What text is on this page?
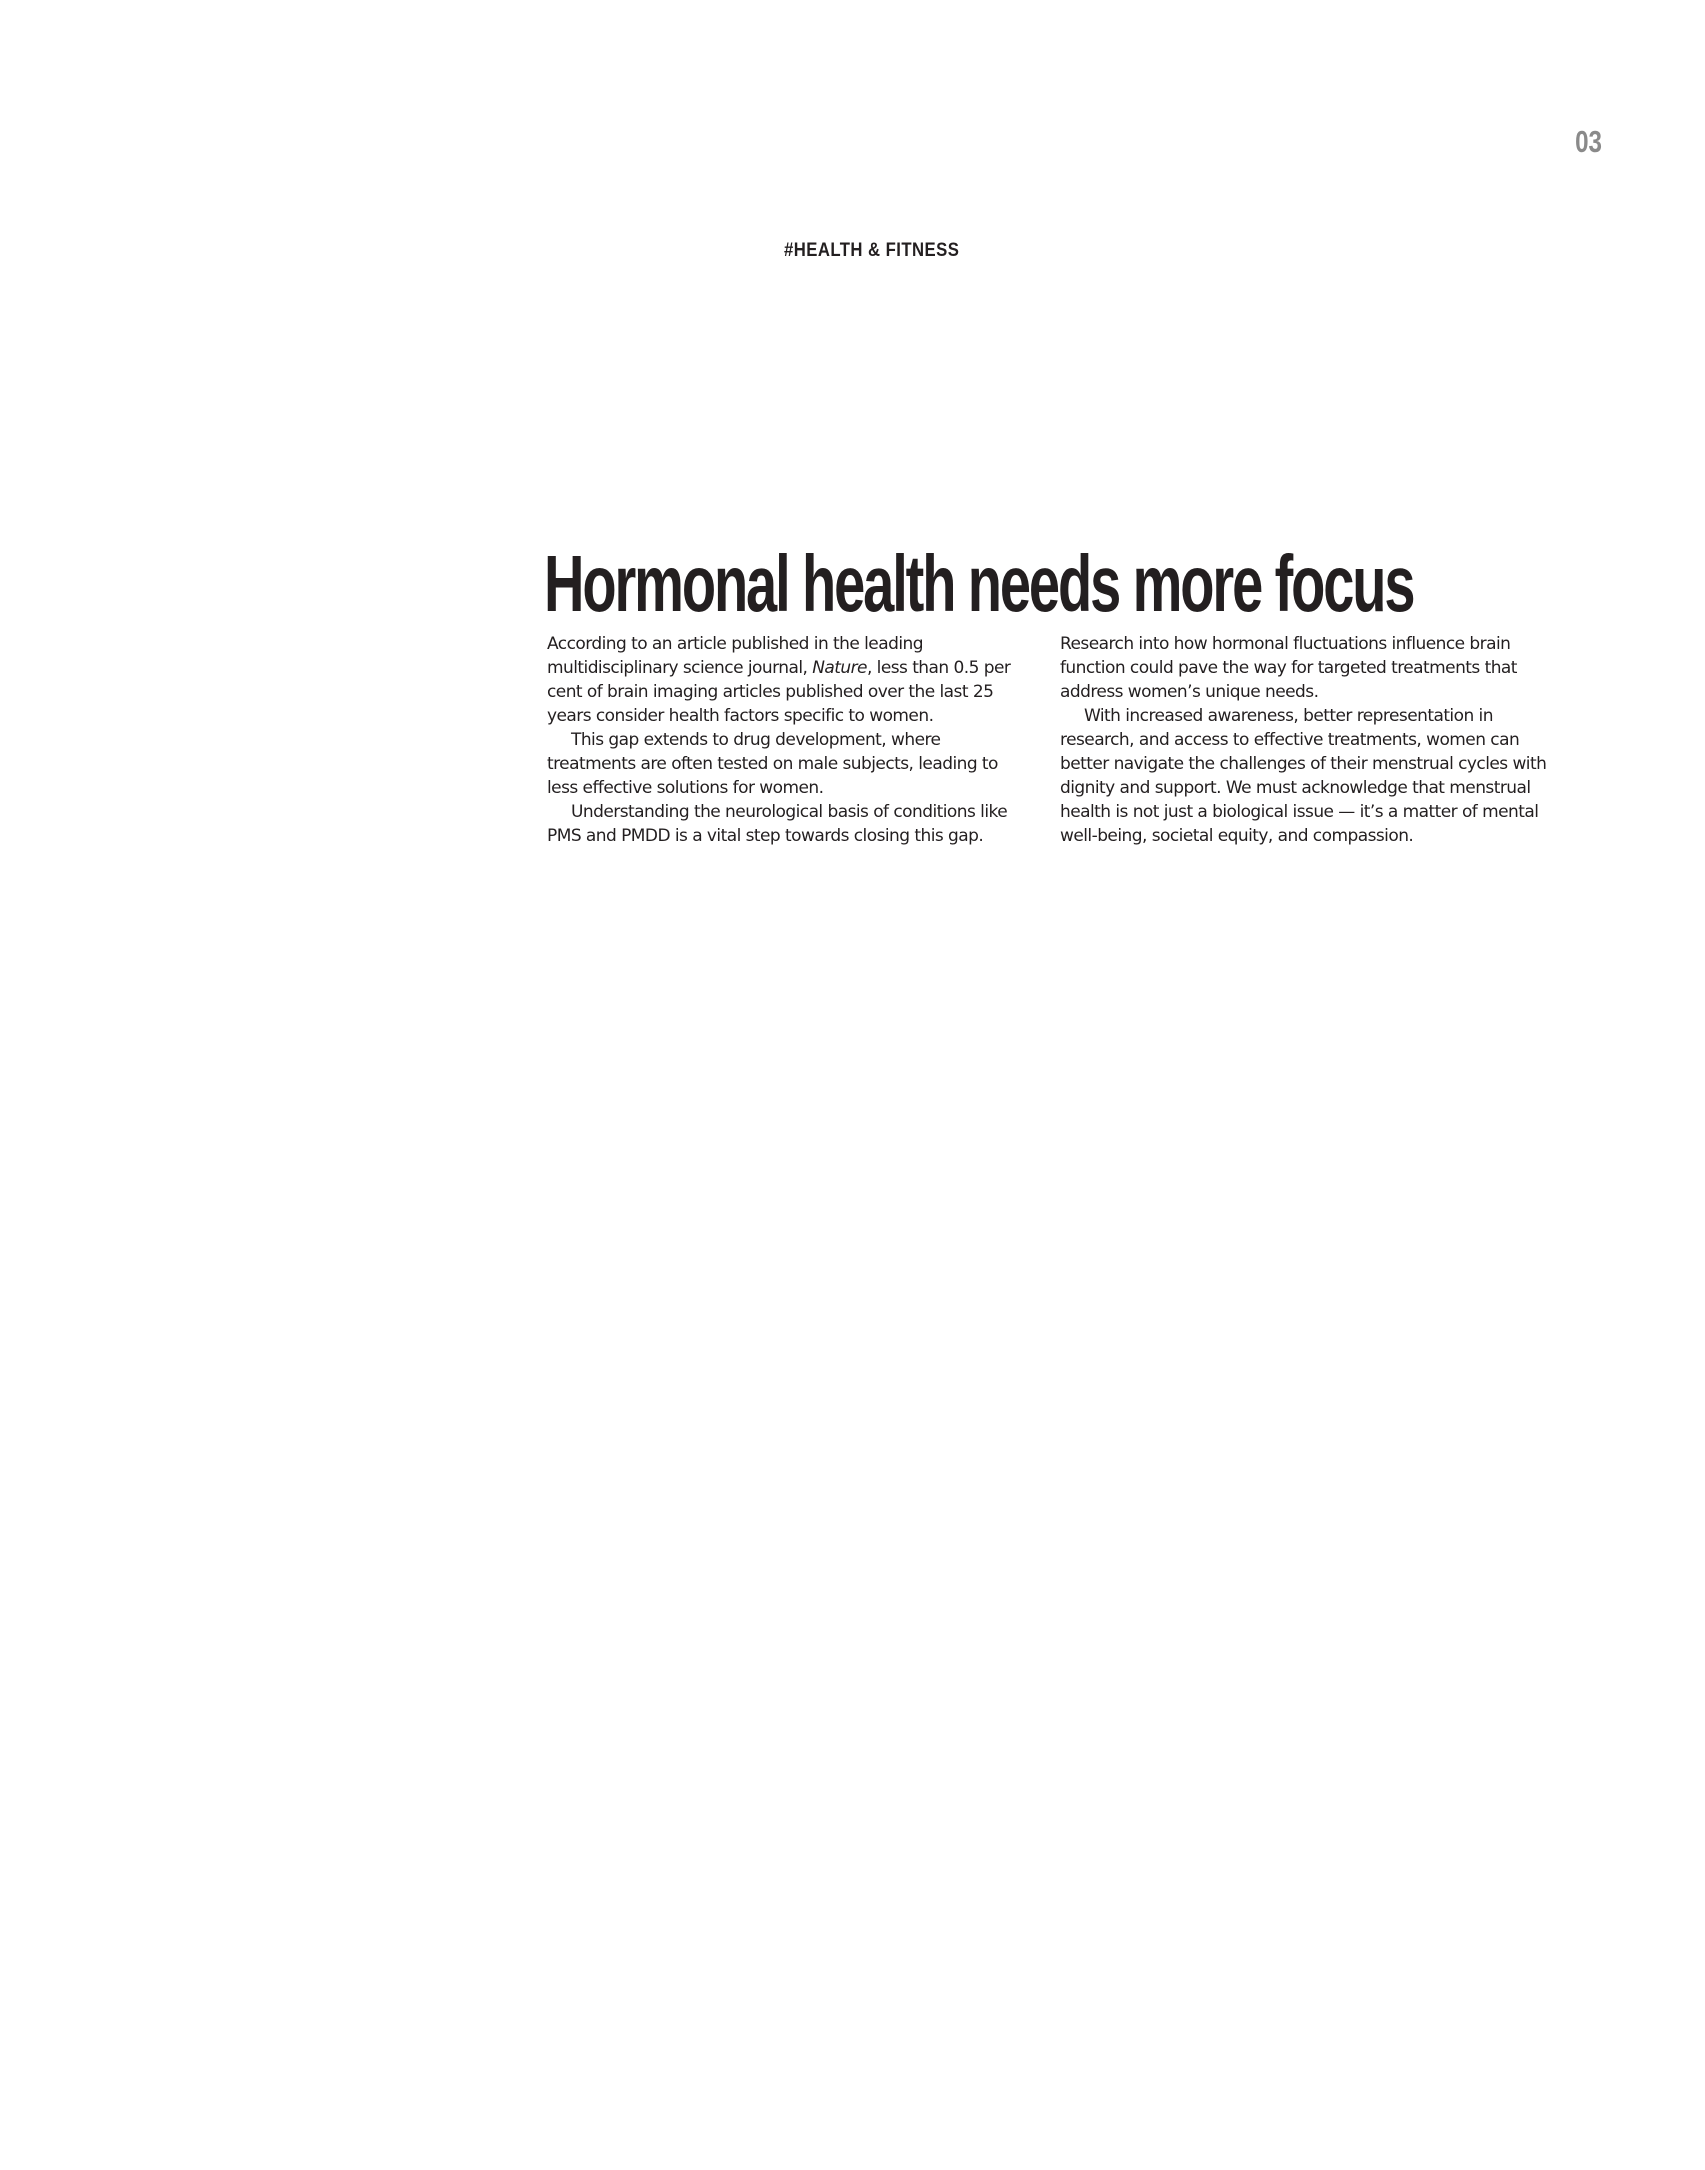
03
#HEALTH & FITNESS
Hormonal health needs more focus

According to an article published in the leading multidisciplinary science journal, Nature, less than 0.5 per cent of brain imaging articles published over the last 25 years consider health factors specific to women.

This gap extends to drug development, where treatments are often tested on male subjects, leading to less effective solutions for women.

Understanding the neurological basis of conditions like PMS and PMDD is a vital step towards closing this gap.

Research into how hormonal fluctuations influence brain function could pave the way for targeted treatments that address women’s unique needs.

With increased awareness, better representation in research, and access to effective treatments, women can better navigate the challenges of their menstrual cycles with dignity and support. We must acknowledge that menstrual health is not just a biological issue — it’s a matter of mental well-being, societal equity, and compassion.
